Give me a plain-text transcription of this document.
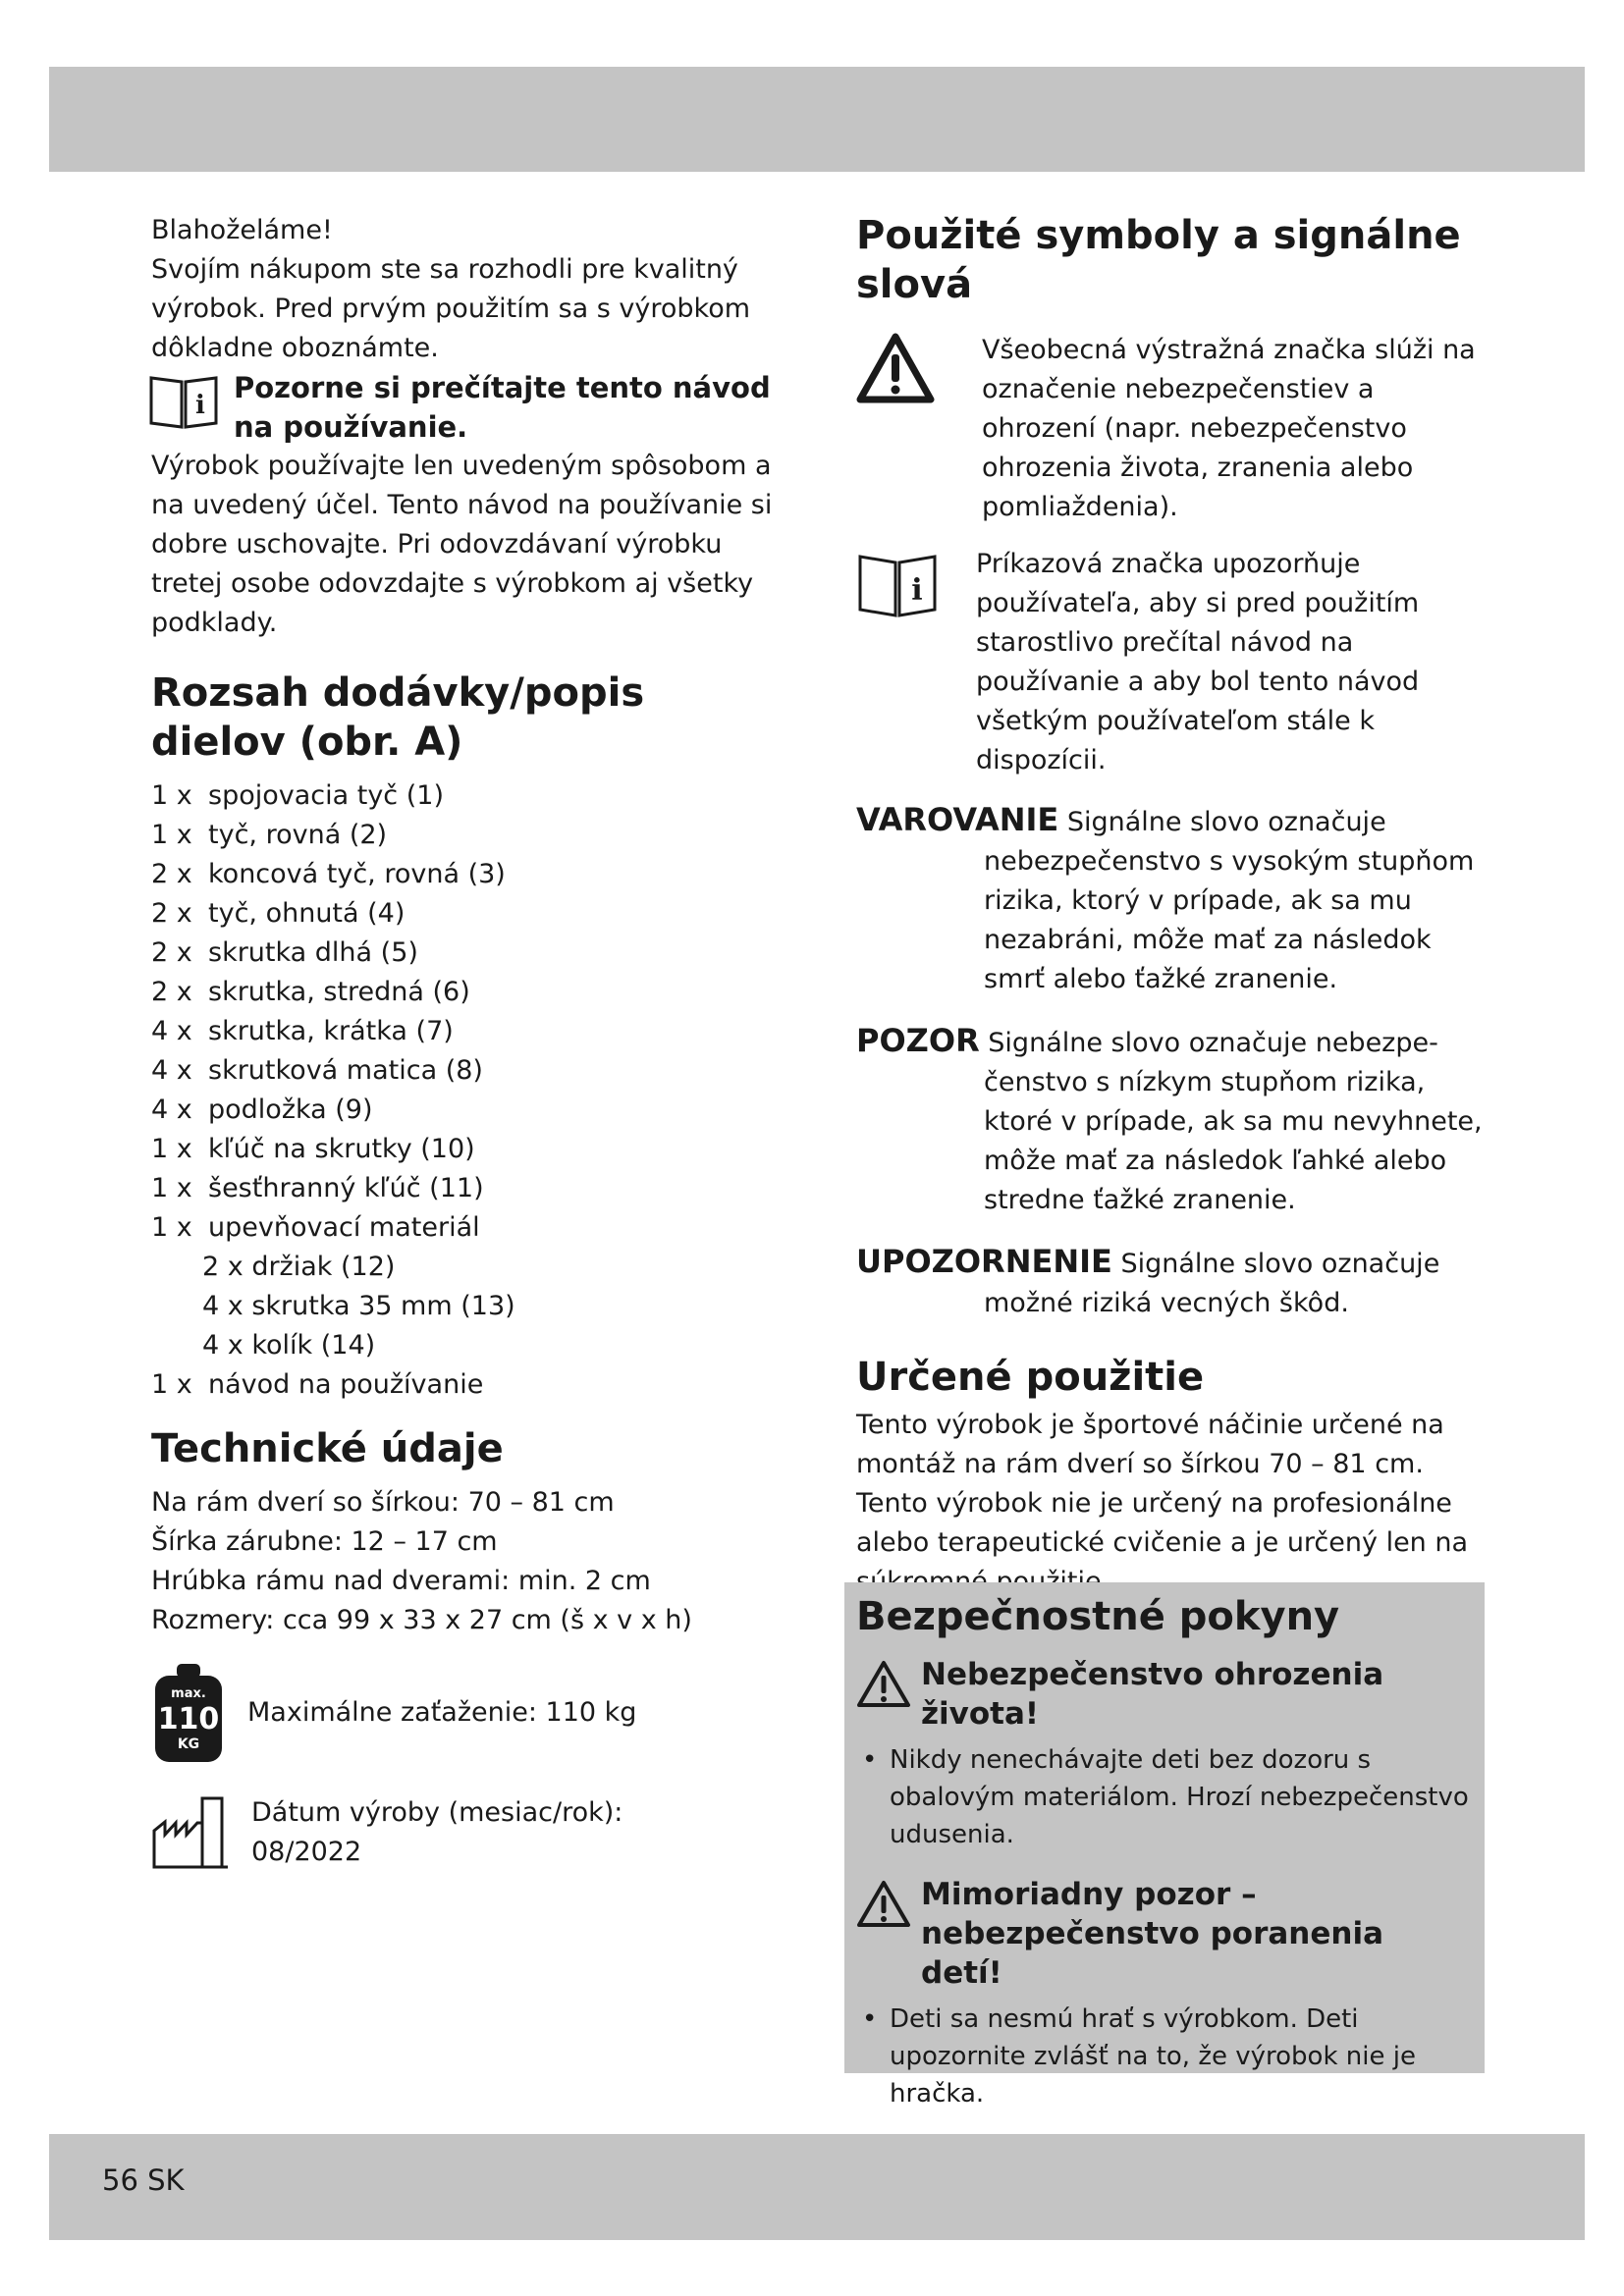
Blahoželáme!

Svojím nákupom ste sa rozhodli pre kvalitný výrobok. Pred prvým použitím sa s výrobkom dôkladne oboznámte.

i
Pozorne si prečítajte tento návod na používanie.

Výrobok používajte len uvedeným spôsobom a na uvedený účel. Tento návod na používanie si dobre uschovajte. Pri odovzdávaní výrobku tretej osobe odovzdajte s výrobkom aj všetky podklady.

Rozsah dodávky/popis dielov (obr. A)
1 x spojovacia tyč (1)
1 x tyč, rovná (2)
2 x koncová tyč, rovná (3)
2 x tyč, ohnutá (4)
2 x skrutka dlhá (5)
2 x skrutka, stredná (6)
4 x skrutka, krátka (7)
4 x skrutková matica (8)
4 x podložka (9)
1 x kľúč na skrutky (10)
1 x šesťhranný kľúč (11)
1 x upevňovací materiál
2 x držiak (12)
4 x skrutka 35 mm (13)
4 x kolík (14)
1 x návod na používanie
Technické údaje

Na rám dverí so šírkou: 70 – 81 cm

Šírka zárubne: 12 – 17 cm

Hrúbka rámu nad dverami: min. 2 cm

Rozmery: cca 99 x 33 x 27 cm (š x v x h)

max.
110
KG

Maximálne zaťaženie: 110 kg

Dátum výroby (mesiac/rok):

08/2022

Použité symboly a signálne slová

Všeobecná výstražná značka slúži na označenie nebezpečenstiev a ohrození (napr. nebezpečenstvo ohrozenia života, zranenia alebo pomliaždenia).

i

Príkazová značka upozorňuje používateľa, aby si pred použitím starostlivo prečítal návod na používanie a aby bol tento návod všetkým používateľom stále k dispozícii.

VAROVANIE Signálne slovo označuje
nebezpečenstvo s vysokým stupňom rizika, ktorý v prípade, ak sa mu nezabráni, môže mať za následok smrť alebo ťažké zranenie.
POZOR Signálne slovo označuje nebezpe-
čenstvo s nízkym stupňom rizika, ktoré v prípade, ak sa mu nevyhnete, môže mať za následok ľahké alebo stredne ťažké zranenie.
UPOZORNENIE Signálne slovo označuje
možné riziká vecných škôd.
Určené použitie

Tento výrobok je športové náčinie určené na montáž na rám dverí so šírkou 70 – 81 cm. Tento výrobok nie je určený na profesionálne alebo terapeutické cvičenie a je určený len na

Bezpečnostné pokyny
Nebezpečenstvo ohrozenia života!
• Nikdy nenechávajte deti bez dozoru s obalovým materiálom. Hrozí nebezpečenstvo udusenia.
Mimoriadny pozor – nebezpečenstvo poranenia detí!
• Deti sa nesmú hrať s výrobkom. Deti upozornite zvlášť na to, že výrobok nie je hračka.
56 SK
